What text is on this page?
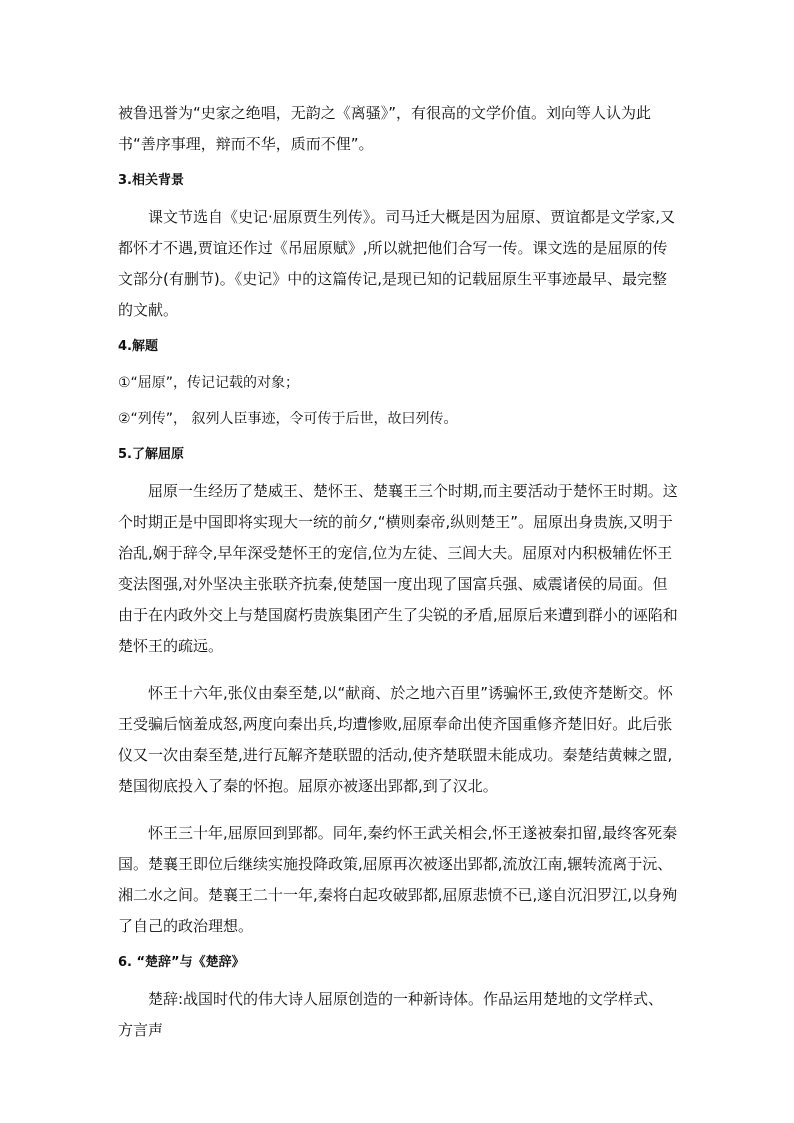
被鲁迅誉为“史家之绝唱，无韵之《离骚》”，有很高的文学价值。刘向等人认为此书“善序事理，辩而不华，质而不俚”。

3.相关背景

课文节选自《史记·屈原贾生列传》。司马迁大概是因为屈原、贾谊都是文学家,又都怀才不遇,贾谊还作过《吊屈原赋》,所以就把他们合写一传。课文选的是屈原的传文部分(有删节)。《史记》中的这篇传记,是现已知的记载屈原生平事迹最早、最完整的文献。

4.解题

①“屈原”，传记记载的对象；

②“列传”， 叙列人臣事迹，令可传于后世，故曰列传。

5.了解屈原

屈原一生经历了楚威王、楚怀王、楚襄王三个时期,而主要活动于楚怀王时期。这个时期正是中国即将实现大一统的前夕,“横则秦帝,纵则楚王”。屈原出身贵族,又明于治乱,娴于辞令,早年深受楚怀王的宠信,位为左徒、三闾大夫。屈原对内积极辅佐怀王变法图强,对外坚决主张联齐抗秦,使楚国一度出现了国富兵强、威震诸侯的局面。但由于在内政外交上与楚国腐朽贵族集团产生了尖锐的矛盾,屈原后来遭到群小的诬陷和楚怀王的疏远。

怀王十六年,张仪由秦至楚,以“献商、於之地六百里”诱骗怀王,致使齐楚断交。怀王受骗后恼羞成怒,两度向秦出兵,均遭惨败,屈原奉命出使齐国重修齐楚旧好。此后张仪又一次由秦至楚,进行瓦解齐楚联盟的活动,使齐楚联盟未能成功。秦楚结黄棘之盟,楚国彻底投入了秦的怀抱。屈原亦被逐出郢都,到了汉北。

怀王三十年,屈原回到郢都。同年,秦约怀王武关相会,怀王遂被秦扣留,最终客死秦国。楚襄王即位后继续实施投降政策,屈原再次被逐出郢都,流放江南,辗转流离于沅、湘二水之间。楚襄王二十一年,秦将白起攻破郢都,屈原悲愤不已,遂自沉汨罗江,以身殉了自己的政治理想。

6. “楚辞”与《楚辞》

楚辞:战国时代的伟大诗人屈原创造的一种新诗体。作品运用楚地的文学样式、方言声
